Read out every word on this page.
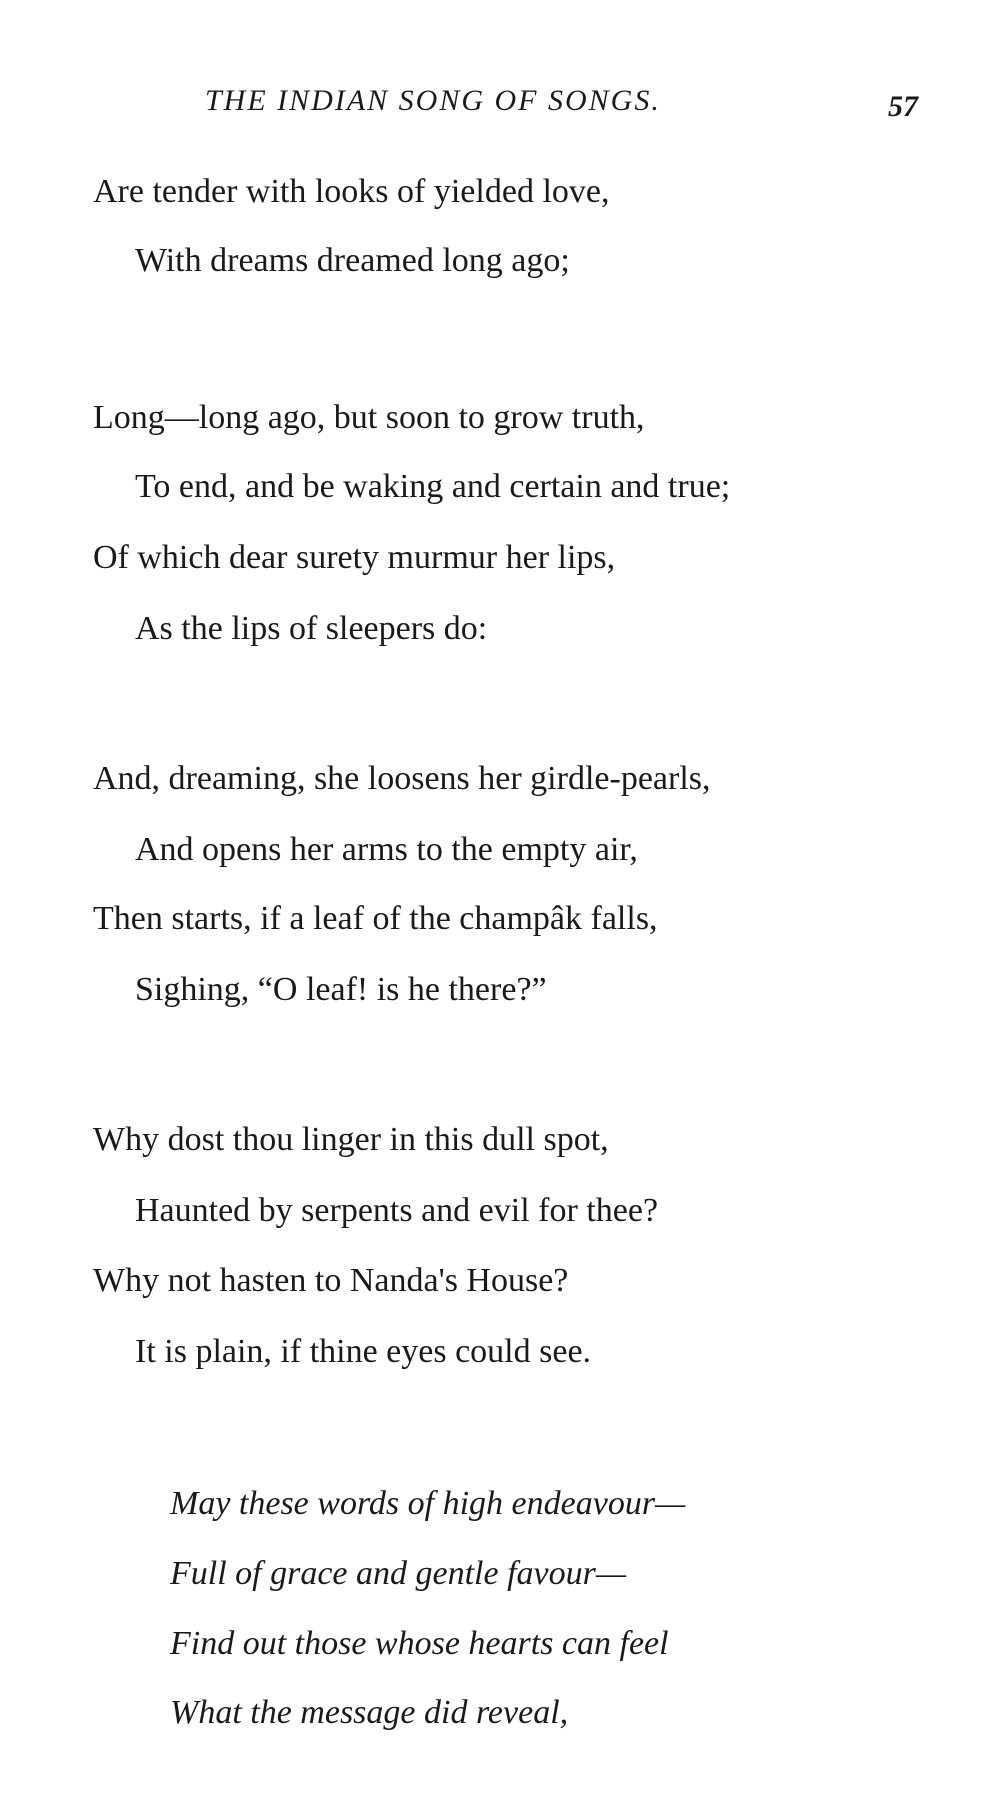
THE INDIAN SONG OF SONGS.	57
Are tender with looks of yielded love,
With dreams dreamed long ago;
Long—long ago, but soon to grow truth,
To end, and be waking and certain and true;
Of which dear surety murmur her lips,
As the lips of sleepers do:
And, dreaming, she loosens her girdle-pearls,
And opens her arms to the empty air,
Then starts, if a leaf of the champâk falls,
Sighing, “O leaf! is he there?”
Why dost thou linger in this dull spot,
Haunted by serpents and evil for thee?
Why not hasten to Nanda's House?
It is plain, if thine eyes could see.
May these words of high endeavour—
Full of grace and gentle favour—
Find out those whose hearts can feel
What the message did reveal,
